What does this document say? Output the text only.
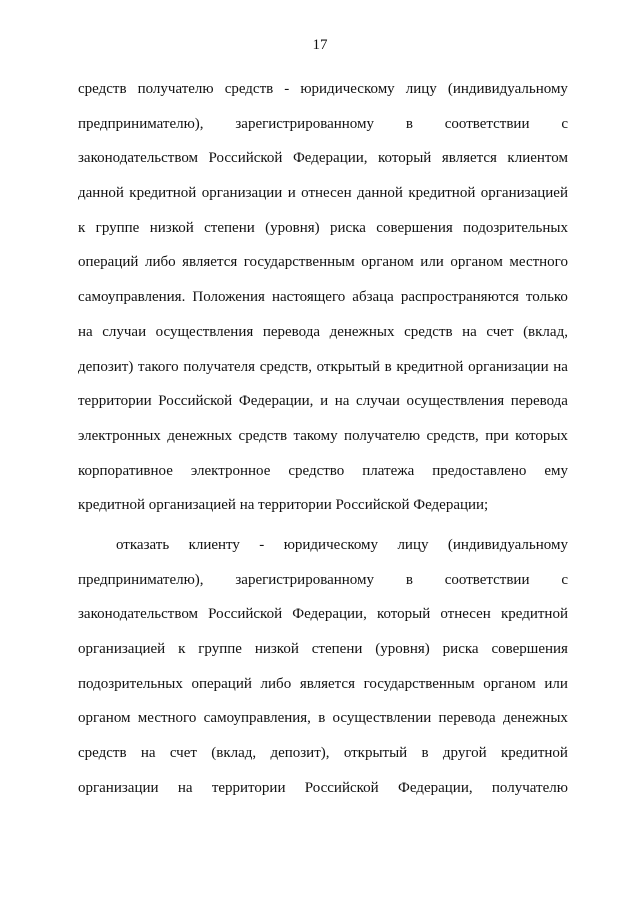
17
средств получателю средств - юридическому лицу (индивидуальному
предпринимателю), зарегистрированному в соответствии с
законодательством Российской Федерации, который является клиентом
данной кредитной организации и отнесен данной кредитной организацией
к группе низкой степени (уровня) риска совершения подозрительных
операций либо является государственным органом или органом местного
самоуправления. Положения настоящего абзаца распространяются только
на случаи осуществления перевода денежных средств на счет (вклад,
депозит) такого получателя средств, открытый в кредитной организации на
территории Российской Федерации, и на случаи осуществления перевода
электронных денежных средств такому получателю средств, при которых
корпоративное электронное средство платежа предоставлено ему
кредитной организацией на территории Российской Федерации;
отказать клиенту - юридическому лицу (индивидуальному
предпринимателю), зарегистрированному в соответствии с
законодательством Российской Федерации, который отнесен кредитной
организацией к группе низкой степени (уровня) риска совершения
подозрительных операций либо является государственным органом или
органом местного самоуправления, в осуществлении перевода денежных
средств на счет (вклад, депозит), открытый в другой кредитной
организации на территории Российской Федерации, получателю
